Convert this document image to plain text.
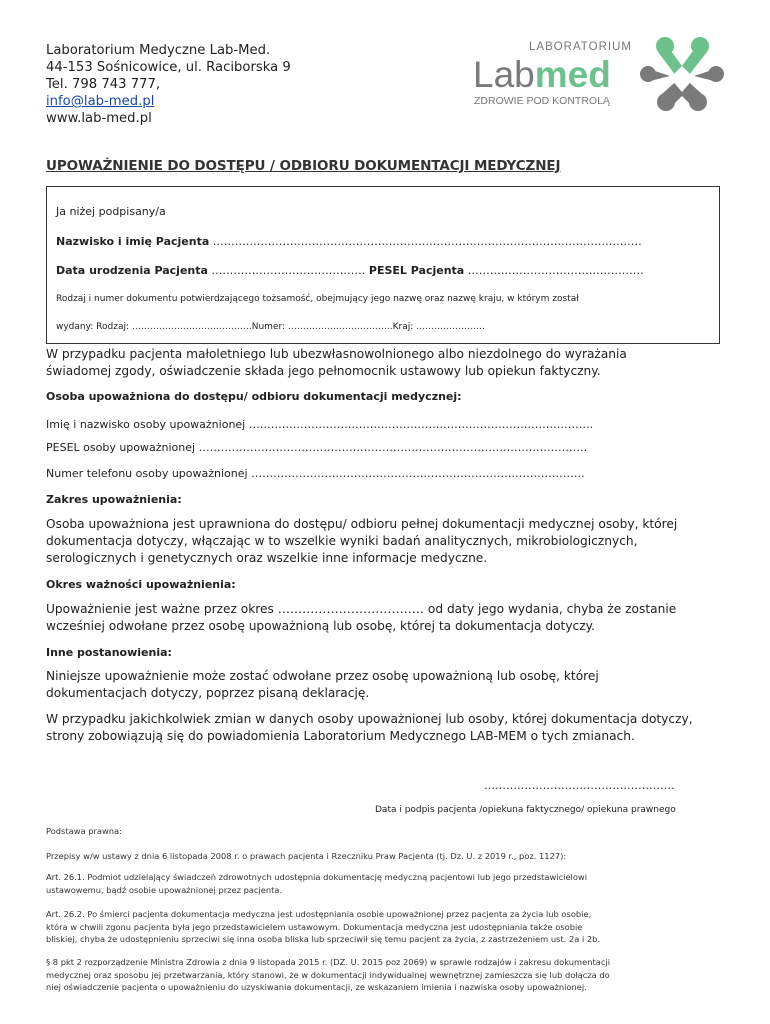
Laboratorium Medyczne Lab-Med.
44-153 Sośnicowice, ul. Raciborska 9
Tel. 798 743 777,
info@lab-med.pl
www.lab-med.pl
LABORATORIUM
Labmed
ZDROWIE POD KONTROLĄ
UPOWAŻNIENIE DO DOSTĘPU / ODBIORU DOKUMENTACJI MEDYCZNEJ
Ja niżej podpisany/a
Nazwisko i imię Pacjenta ………………………………………………………………………………………………………
Data urodzenia Pacjenta …………………………………… PESEL Pacjenta …………………………………………
Rodzaj i numer dokumentu potwierdzającego tożsamość, obejmujący jego nazwę oraz nazwę kraju, w którym został
wydany: Rodzaj: ………………………………….Numer: ……………………………..Kraj: …………………..
W przypadku pacjenta małoletniego lub ubezwłasnowolnionego albo niezdolnego do wyrażania
świadomej zgody, oświadczenie składa jego pełnomocnik ustawowy lub opiekun faktyczny.
Osoba upoważniona do dostępu/ odbioru dokumentacji medycznej:
Imię i nazwisko osoby upoważnionej ………………………………………………………………………………….
PESEL osoby upoważnionej …………………………………………………………………………………………….
Numer telefonu osoby upoważnionej ……………………………………………………………………………….
Zakres upoważnienia:
Osoba upoważniona jest uprawniona do dostępu/ odbioru pełnej dokumentacji medycznej osoby, której
dokumentacja dotyczy, włączając w to wszelkie wyniki badań analitycznych, mikrobiologicznych,
serologicznych i genetycznych oraz wszelkie inne informacje medyczne.
Okres ważności upoważnienia:
Upoważnienie jest ważne przez okres ……………………………… od daty jego wydania, chyba że zostanie
wcześniej odwołane przez osobę upoważnioną lub osobę, której ta dokumentacja dotyczy.
Inne postanowienia:
Niniejsze upoważnienie może zostać odwołane przez osobę upoważnioną lub osobę, której
dokumentacjach dotyczy, poprzez pisaną deklarację.
W przypadku jakichkolwiek zmian w danych osoby upoważnionej lub osoby, której dokumentacja dotyczy,
strony zobowiązują się do powiadomienia Laboratorium Medycznego LAB-MEM o tych zmianach.
…………………………………………….
Data i podpis pacjenta /opiekuna faktycznego/ opiekuna prawnego
Podstawa prawna:
Przepisy w/w ustawy z dnia 6 listopada 2008 r. o prawach pacjenta i Rzeczniku Praw Pacjenta (tj. Dz. U. z 2019 r., poz. 1127):
Art. 26.1. Podmiot udzielający świadczeń zdrowotnych udostępnia dokumentację medyczną pacjentowi lub jego przedstawicielowi
ustawowemu, bądź osobie upoważnionej przez pacjenta.
Art. 26.2. Po śmierci pacjenta dokumentacja medyczna jest udostępniania osobie upoważnionej przez pacjenta za życia lub osobie,
która w chwili zgonu pacjenta była jego przedstawicielem ustawowym. Dokumentacja medyczna jest udostępniania także osobie
bliskiej, chyba że udostępnieniu sprzeciwi się inna osoba bliska lub sprzeciwił się temu pacjent za życia, z zastrzeżeniem ust. 2a i 2b.
§ 8 pkt 2 rozporządzenie Ministra Zdrowia z dnia 9 listopada 2015 r. (DZ. U. 2015 poz 2069) w sprawie rodzajów i zakresu dokumentacji
medycznej oraz sposobu jej przetwarzania, który stanowi, że w dokumentacji indywidualnej wewnętrznej zamieszcza się lub dołącza do
niej oświadczenie pacjenta o upoważnieniu do uzyskiwania dokumentacji, ze wskazaniem imienia i nazwiska osoby upoważnionej.
